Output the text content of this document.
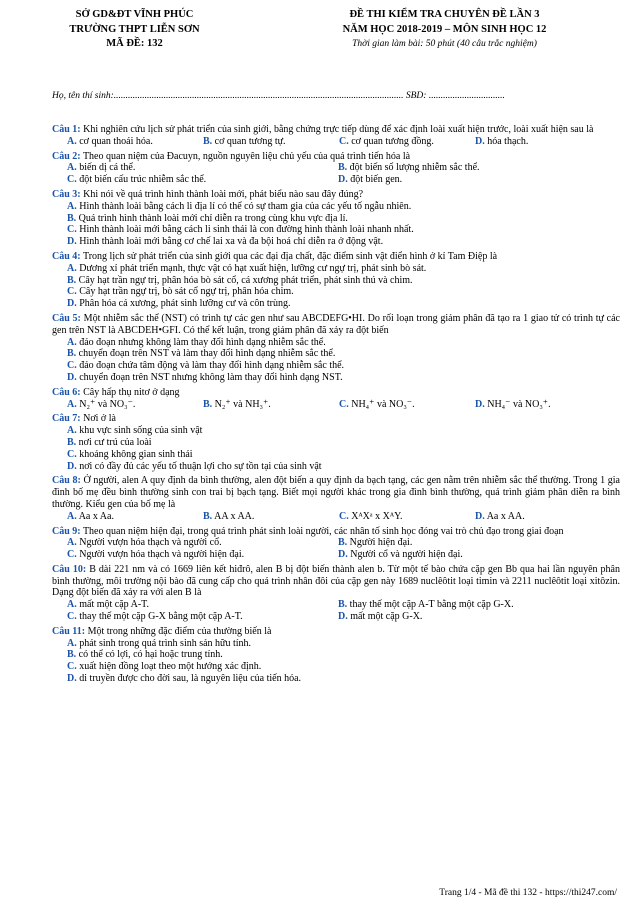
SỞ GD&ĐT VĨNH PHÚC
TRƯỜNG THPT LIỄN SƠN
MÃ ĐỀ: 132
ĐỀ THI KIỂM TRA CHUYÊN ĐỀ LẦN 3
NĂM HỌC 2018-2019 – MÔN SINH HỌC 12
Thời gian làm bài: 50 phút (40 câu trắc nghiệm)
Họ, tên thí sinh:.......................................................................................................................... SBD: ................................
Câu 1: Khi nghiên cứu lịch sử phát triển của sinh giới, bằng chứng trực tiếp dùng để xác định loài xuất hiện trước, loài xuất hiện sau là
A. cơ quan thoái hóa.	B. cơ quan tương tự.	C. cơ quan tương đồng.	D. hóa thạch.
Câu 2: Theo quan niệm của Đacuyn, nguồn nguyên liệu chủ yếu của quá trình tiến hóa là
A. biến dị cá thể.	B. đột biến số lượng nhiễm sắc thể.
C. đột biến cấu trúc nhiễm sắc thể.	D. đột biến gen.
Câu 3: Khi nói về quá trình hình thành loài mới, phát biểu nào sau đây đúng?
A. Hình thành loài bằng cách li địa lí có thể có sự tham gia của các yếu tố ngẫu nhiên.
B. Quá trình hình thành loài mới chỉ diễn ra trong cùng khu vực địa lí.
C. Hình thành loài mới bằng cách li sinh thái là con đường hình thành loài nhanh nhất.
D. Hình thành loài mới bằng cơ chế lai xa và đa bội hoá chỉ diễn ra ở động vật.
Câu 4: Trong lịch sử phát triển của sinh giới qua các đại địa chất, đặc điểm sinh vật điển hình ở kỉ Tam Điệp là
A. Dương xỉ phát triển mạnh, thực vật có hạt xuất hiện, lưỡng cư ngự trị, phát sinh bò sát.
B. Cây hạt trần ngự trị, phân hóa bò sát cổ, cá xương phát triển, phát sinh thú và chim.
C. Cây hạt trần ngự trị, bò sát cổ ngự trị, phân hóa chim.
D. Phân hóa cá xương, phát sinh lưỡng cư và côn trùng.
Câu 5: Một nhiễm sắc thể (NST) có trình tự các gen như sau ABCDEFG•HI. Do rối loạn trong giảm phân đã tạo ra 1 giao tử có trình tự các gen trên NST là ABCDEH•GFI. Có thể kết luận, trong giảm phân đã xảy ra đột biến
A. đảo đoạn nhưng không làm thay đổi hình dạng nhiễm sắc thể.
B. chuyển đoạn trên NST và làm thay đổi hình dạng nhiễm sắc thể.
C. đảo đoạn chứa tâm động và làm thay đổi hình dạng nhiễm sắc thể.
D. chuyển đoạn trên NST nhưng không làm thay đổi hình dạng NST.
Câu 6: Cây hấp thụ nitơ ở dạng
A. N₂⁺ và NO₃⁻.	B. N₂⁺ và NH₃⁺.	C. NH₄⁺ và NO₃⁻.	D. NH₄⁻ và NO₃⁺.
Câu 7: Nơi ở là
A. khu vực sinh sống của sinh vật
B. nơi cư trú của loài
C. khoảng không gian sinh thái
D. nơi có đầy đủ các yếu tố thuận lợi cho sự tồn tại của sinh vật
Câu 8: Ở người, alen A quy định da bình thường, alen đột biến a quy định da bạch tạng, các gen nằm trên nhiễm sắc thể thường. Trong 1 gia đình bố mẹ đều bình thường sinh con trai bị bạch tạng. Biết mọi người khác trong gia đình bình thường, quá trình giảm phân diễn ra bình thường. Kiểu gen của bố mẹ là
A. Aa x Aa.	B. AA x AA.	C. XᴬXᵃ x XᴬY.	D. Aa x AA.
Câu 9: Theo quan niệm hiện đại, trong quá trình phát sinh loài người, các nhân tố sinh học đóng vai trò chủ đạo trong giai đoạn
A. Người vượn hóa thạch và người cổ.	B. Người hiện đại.
C. Người vượn hóa thạch và người hiện đại.	D. Người cổ và người hiện đại.
Câu 10: B dài 221 nm và có 1669 liên kết hiđrô, alen B bị đột biến thành alen b. Từ một tế bào chứa cặp gen Bb qua hai lần nguyên phân bình thường, môi trường nội bào đã cung cấp cho quá trình nhân đôi của cặp gen này 1689 nuclêôtit loại timin và 2211 nuclêôtit loại xitôzin. Dạng đột biến đã xảy ra với alen B là
A. mất một cặp A-T.	B. thay thế một cặp A-T bằng một cặp G-X.
C. thay thế một cặp G-X bằng một cặp A-T.	D. mất một cặp G-X.
Câu 11: Một trong những đặc điểm của thường biến là
A. phát sinh trong quá trình sinh sản hữu tính.
B. có thể có lợi, có hại hoặc trung tính.
C. xuất hiện đồng loạt theo một hướng xác định.
D. di truyền được cho đời sau, là nguyên liệu của tiến hóa.
Trang 1/4 - Mã đề thi 132 - https://thi247.com/
